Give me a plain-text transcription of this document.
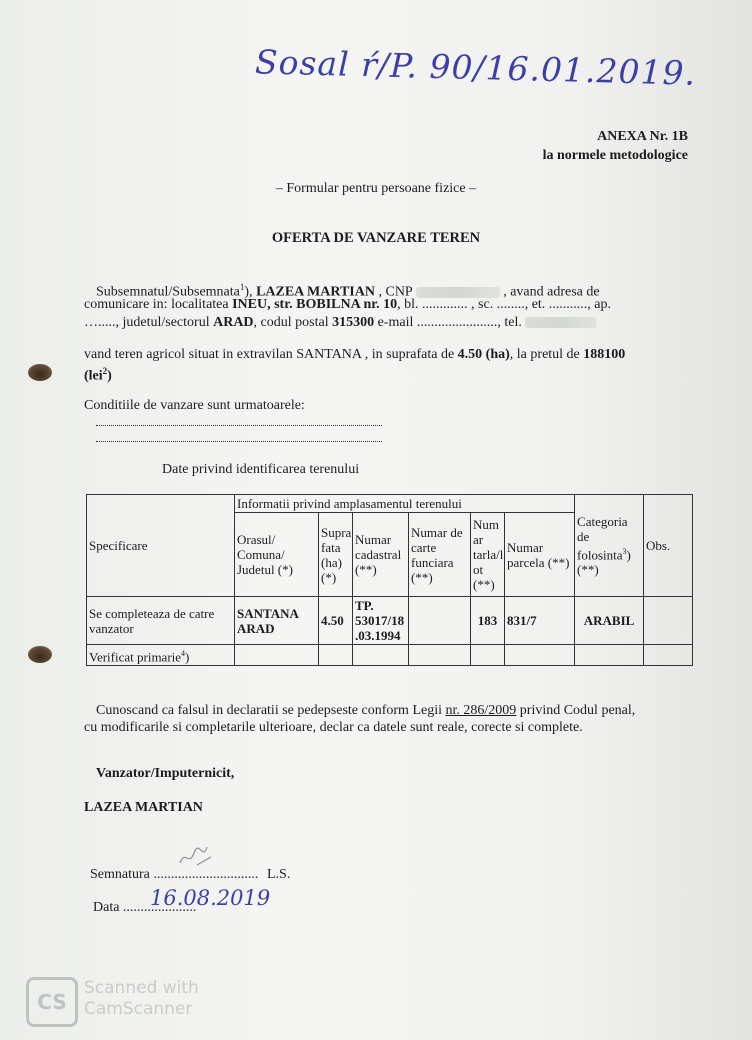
Sosal ŕ/P. 90/16.01.2019.
ANEXA Nr. 1B
la normele metodologice
– Formular pentru persoane fizice –
OFERTA DE VANZARE TEREN
Subsemnatul/Subsemnata$^1$), LAZEA MARTIAN , CNP	, avand adresa de
comunicare in: localitatea INEU, str. BOBILNA nr. 10, bl. ............. , sc. ........, et. ..........., ap.
…....., judetul/sectorul ARAD, codul postal 315300 e-mail ......................., tel.
vand teren agricol situat in extravilan SANTANA , in suprafata de 4.50 (ha), la pretul de 188100
(lei$^2$)
Conditiile de vanzare sunt urmatoarele:
Date privind identificarea terenului
Specificare	Informatii privind amplasamentul terenului						Categoria de folosinta$^3$) (**)	Obs.
	Orasul/ Comuna/ Judetul (*)	Supra fata (ha) (*)	Numar cadastral (**)	Numar de carte funciara (**)	Num ar tarla/l ot (**)	Numar parcela (**)		
Se completeaza de catre vanzator	SANTANA ARAD	4.50	TP. 53017/18 .03.1994		183	831/7	ARABIL	
Verificat primarie$^4$)								
Cunoscand ca falsul in declaratii se pedepseste conform Legii nr. 286/2009 privind Codul penal,
cu modificarile si completarile ulterioare, declar ca datele sunt reale, corecte si complete.
Vanzator/Imputernicit,
LAZEA MARTIAN
Semnatura .............................. L.S.
Data .....................
16.08.2019
CS
Scanned with
CamScanner
